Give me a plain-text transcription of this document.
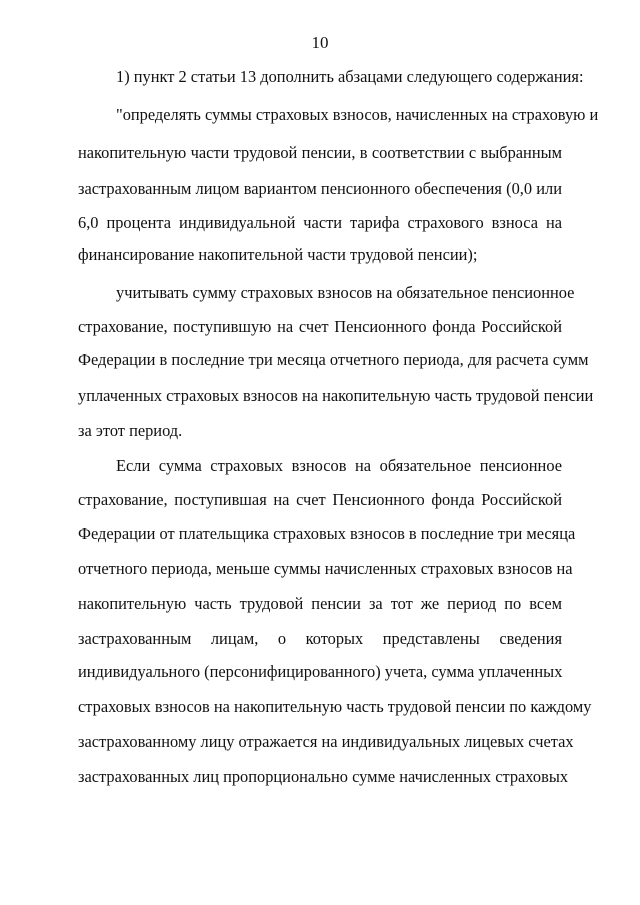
10
1) пункт 2 статьи 13 дополнить абзацами следующего содержания:
"определять суммы страховых взносов, начисленных на страховую и
накопительную части трудовой пенсии, в соответствии с выбранным
застрахованным лицом вариантом пенсионного обеспечения (0,0 или
6,0 процента индивидуальной части тарифа страхового взноса на
финансирование накопительной части трудовой пенсии);
учитывать сумму страховых взносов на обязательное пенсионное
страхование, поступившую на счет Пенсионного фонда Российской
Федерации в последние три месяца отчетного периода, для расчета сумм
уплаченных страховых взносов на накопительную часть трудовой пенсии
за этот период.
Если сумма страховых взносов на обязательное пенсионное
страхование, поступившая на счет Пенсионного фонда Российской
Федерации от плательщика страховых взносов в последние три месяца
отчетного периода, меньше суммы начисленных страховых взносов на
накопительную часть трудовой пенсии за тот же период по всем
застрахованным лицам, о которых представлены сведения
индивидуального (персонифицированного) учета, сумма уплаченных
страховых взносов на накопительную часть трудовой пенсии по каждому
застрахованному лицу отражается на индивидуальных лицевых счетах
застрахованных лиц пропорционально сумме начисленных страховых
